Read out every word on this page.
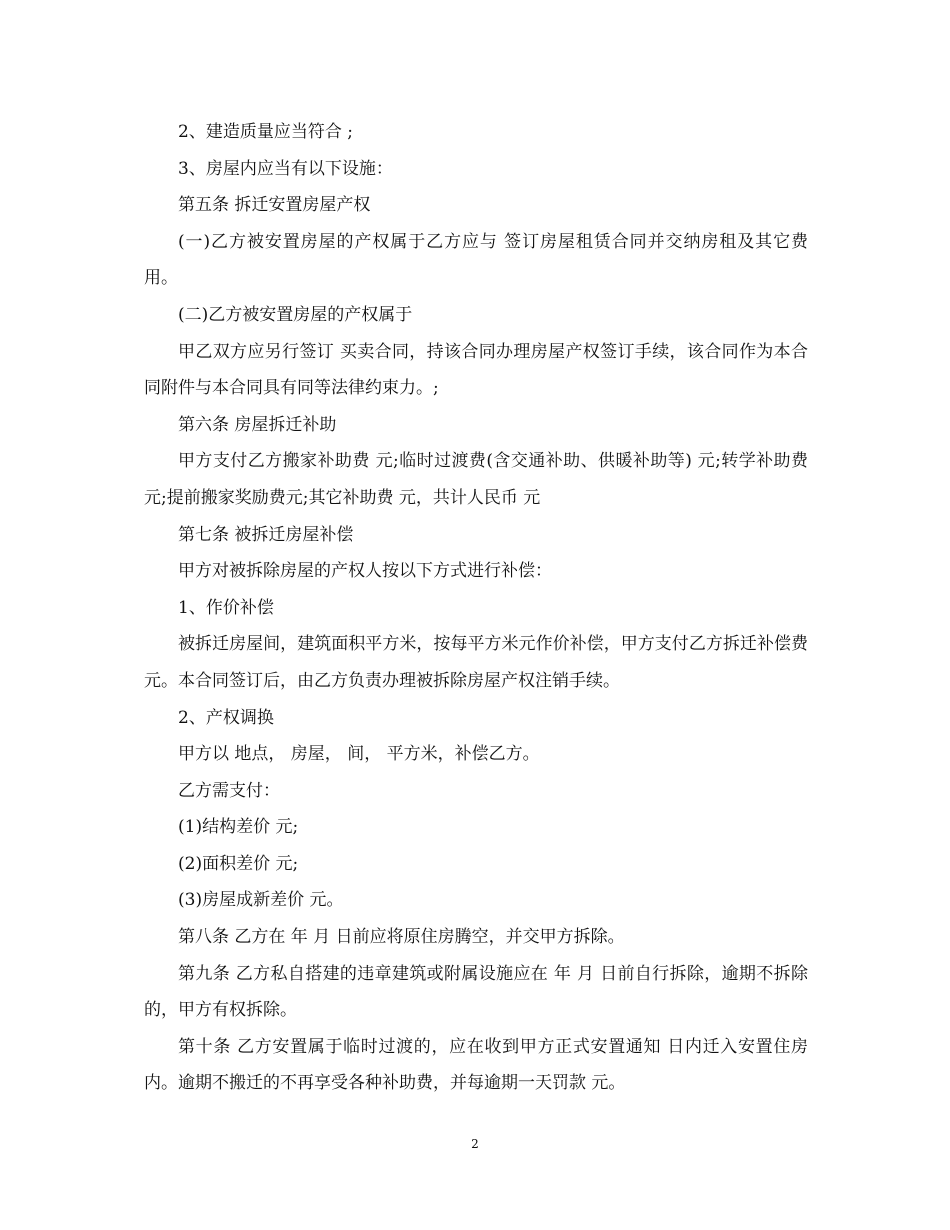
2、建造质量应当符合 ;

3、房屋内应当有以下设施：

第五条 拆迁安置房屋产权

(一)乙方被安置房屋的产权属于乙方应与 签订房屋租赁合同并交纳房租及其它费用。

(二)乙方被安置房屋的产权属于

甲乙双方应另行签订 买卖合同，持该合同办理房屋产权签订手续，该合同作为本合同附件与本合同具有同等法律约束力。;

第六条 房屋拆迁补助

甲方支付乙方搬家补助费 元;临时过渡费(含交通补助、供暖补助等) 元;转学补助费 元;提前搬家奖励费元;其它补助费 元，共计人民币 元

第七条 被拆迁房屋补偿

甲方对被拆除房屋的产权人按以下方式进行补偿：

1、作价补偿

被拆迁房屋间，建筑面积平方米，按每平方米元作价补偿，甲方支付乙方拆迁补偿费元。本合同签订后，由乙方负责办理被拆除房屋产权注销手续。

2、产权调换

甲方以 地点， 房屋， 间， 平方米，补偿乙方。

乙方需支付：

(1)结构差价 元;

(2)面积差价 元;

(3)房屋成新差价 元。

第八条 乙方在 年 月 日前应将原住房腾空，并交甲方拆除。

第九条 乙方私自搭建的违章建筑或附属设施应在 年 月 日前自行拆除，逾期不拆除的，甲方有权拆除。

第十条 乙方安置属于临时过渡的，应在收到甲方正式安置通知 日内迁入安置住房内。逾期不搬迁的不再享受各种补助费，并每逾期一天罚款 元。

2
